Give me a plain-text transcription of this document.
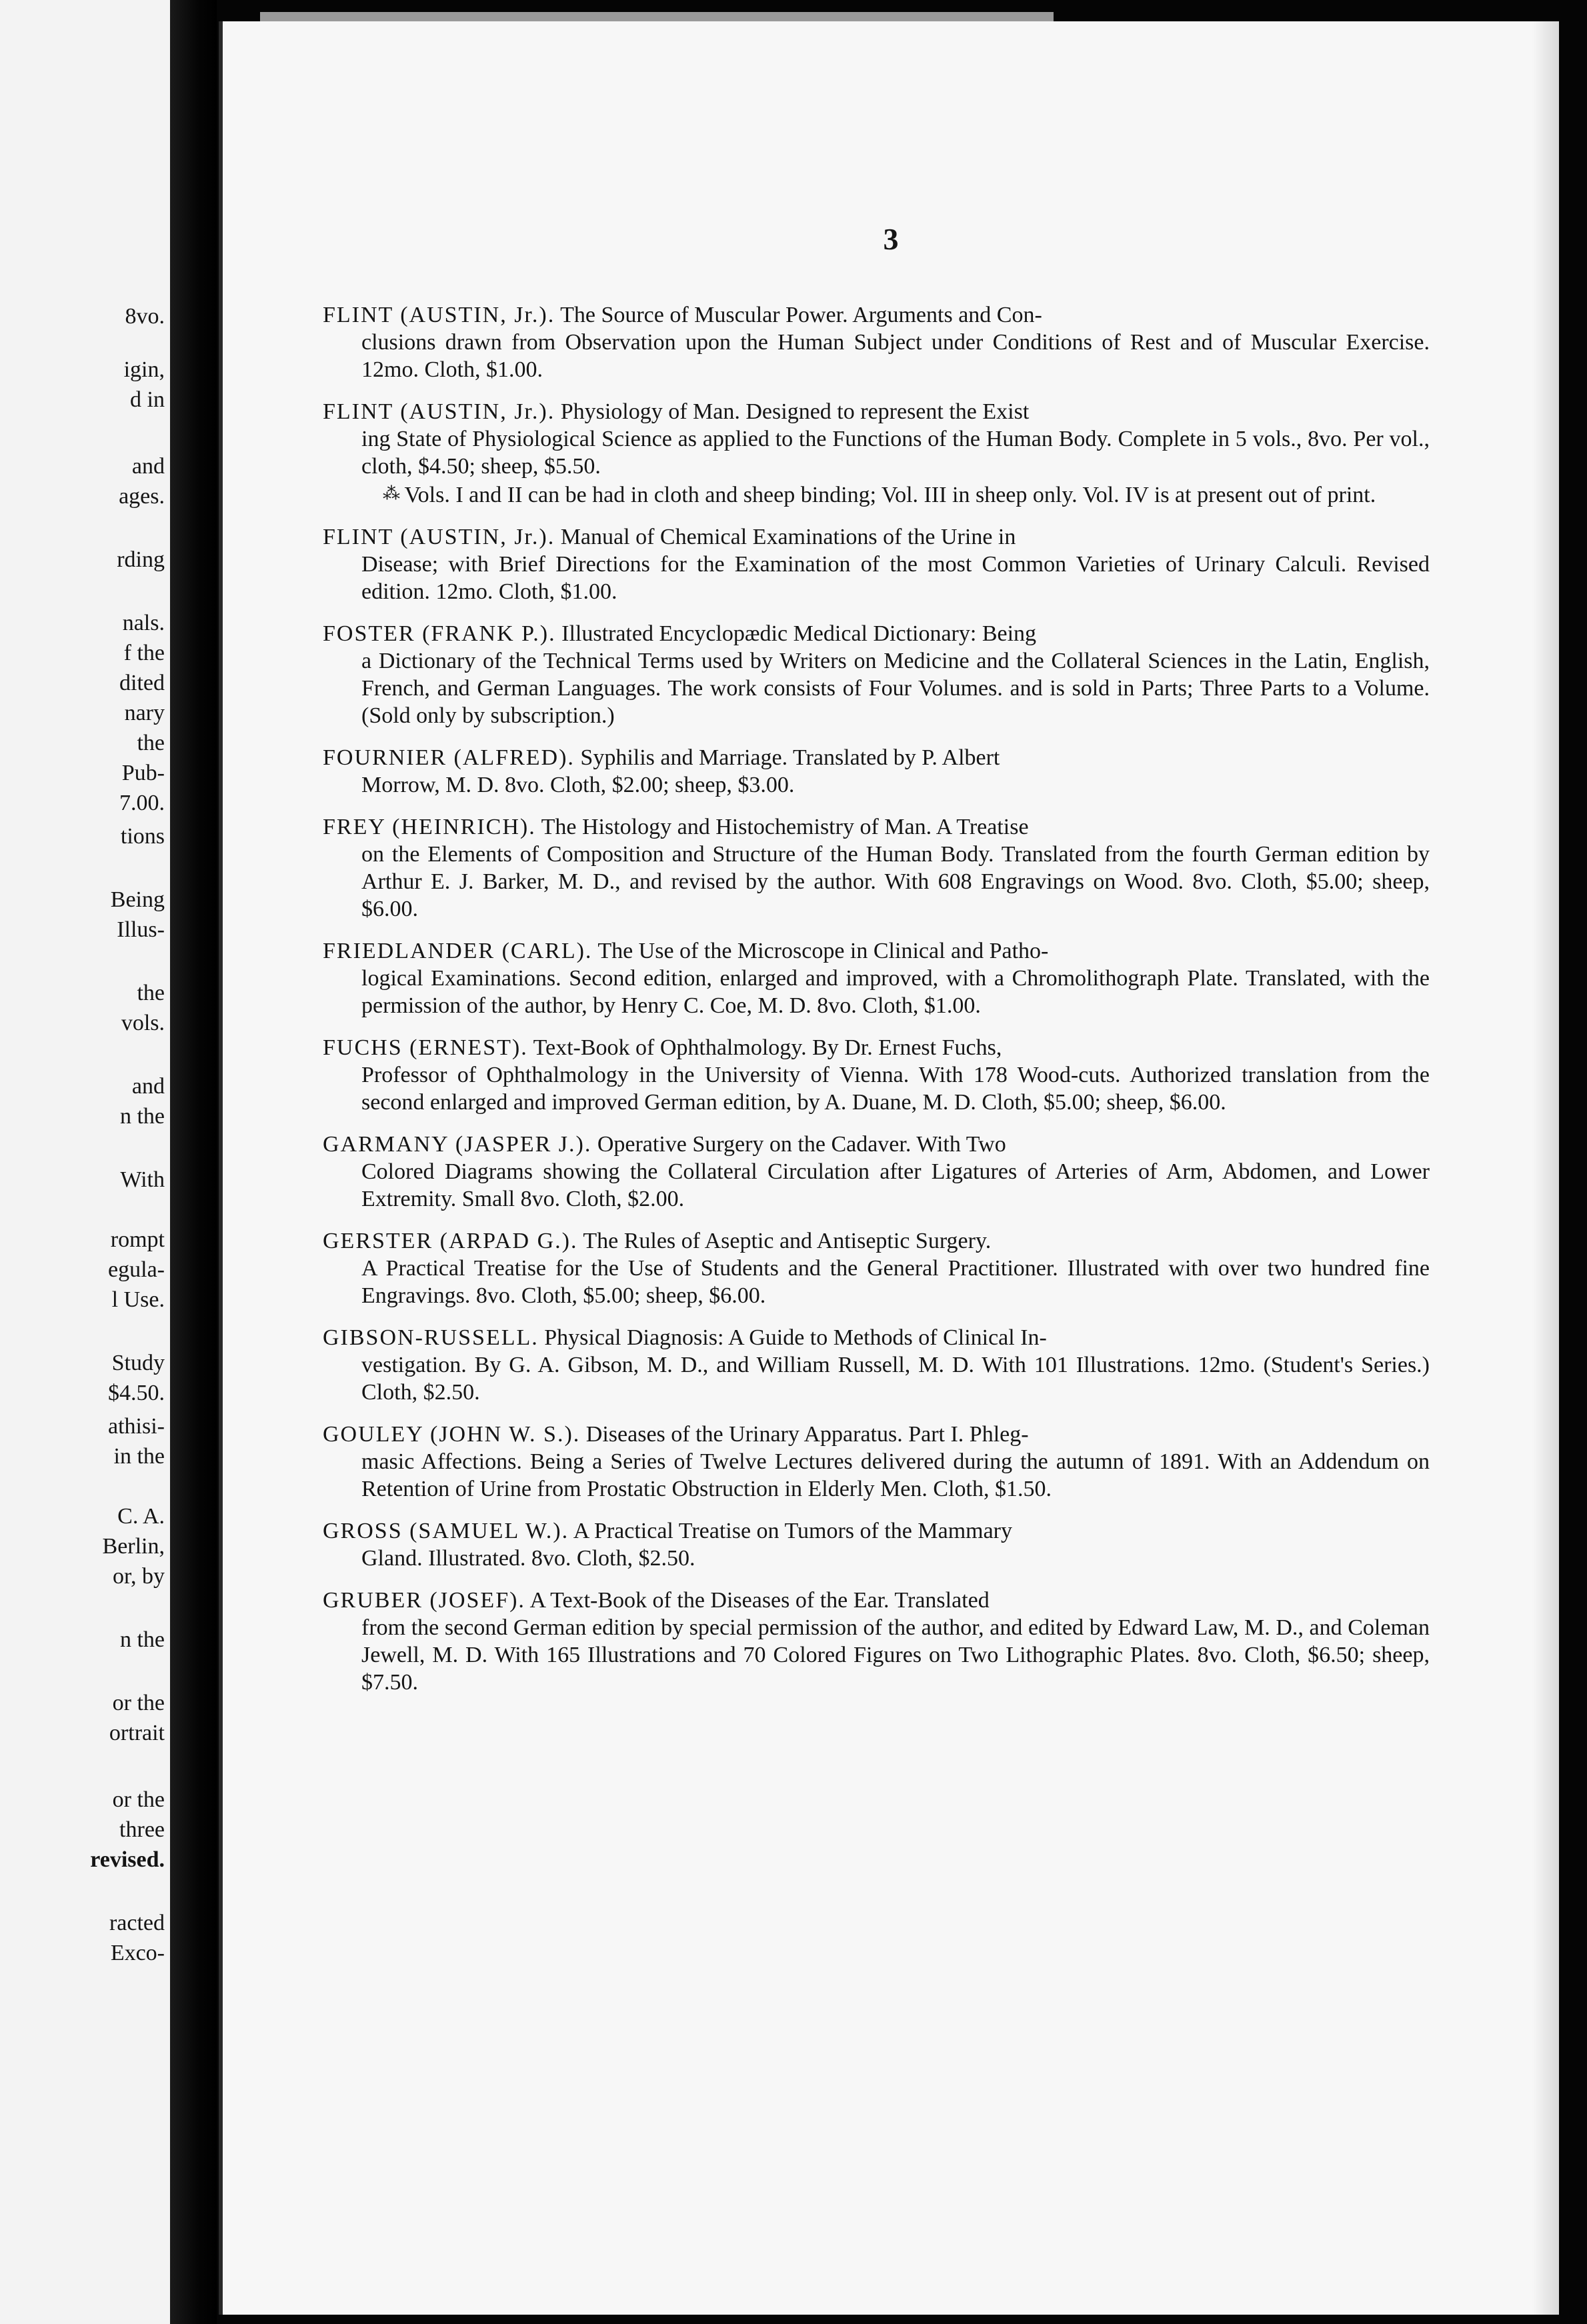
8vo.
igin,
d in
and
ages.
rding
nals.
f the
dited
nary
the
Pub-
7.00.
tions
Being
Illus-
the
vols.
and
n the
With
rompt
egula-
l Use.
Study
$4.50.
athisi-
in the
C. A.
Berlin,
or, by
n the
or the
ortrait
or the
three
revised.
racted
Exco-
3
FLINT (AUSTIN, Jr.). The Source of Muscular Power. Arguments and Con-
clusions drawn from Observation upon the Human Subject under Conditions of Rest and of Muscular Exercise. 12mo. Cloth, $1.00.
FLINT (AUSTIN, Jr.). Physiology of Man. Designed to represent the Exist
ing State of Physiological Science as applied to the Functions of the Human Body. Complete in 5 vols., 8vo. Per vol., cloth, $4.50; sheep, $5.50.
⁂ Vols. I and II can be had in cloth and sheep binding; Vol. III in sheep only. Vol. IV is at present out of print.
FLINT (AUSTIN, Jr.). Manual of Chemical Examinations of the Urine in
Disease; with Brief Directions for the Examination of the most Common Varieties of Urinary Calculi. Revised edition. 12mo. Cloth, $1.00.
FOSTER (FRANK P.). Illustrated Encyclopædic Medical Dictionary: Being
a Dictionary of the Technical Terms used by Writers on Medicine and the Collateral Sciences in the Latin, English, French, and German Languages. The work consists of Four Volumes. and is sold in Parts; Three Parts to a Volume. (Sold only by subscription.)
FOURNIER (ALFRED). Syphilis and Marriage. Translated by P. Albert
Morrow, M. D. 8vo. Cloth, $2.00; sheep, $3.00.
FREY (HEINRICH). The Histology and Histochemistry of Man. A Treatise
on the Elements of Composition and Structure of the Human Body. Translated from the fourth German edition by Arthur E. J. Barker, M. D., and revised by the author. With 608 Engravings on Wood. 8vo. Cloth, $5.00; sheep, $6.00.
FRIEDLANDER (CARL). The Use of the Microscope in Clinical and Patho-
logical Examinations. Second edition, enlarged and improved, with a Chromolithograph Plate. Translated, with the permission of the author, by Henry C. Coe, M. D. 8vo. Cloth, $1.00.
FUCHS (ERNEST). Text-Book of Ophthalmology. By Dr. Ernest Fuchs,
Professor of Ophthalmology in the University of Vienna. With 178 Wood-cuts. Authorized translation from the second enlarged and improved German edition, by A. Duane, M. D. Cloth, $5.00; sheep, $6.00.
GARMANY (JASPER J.). Operative Surgery on the Cadaver. With Two
Colored Diagrams showing the Collateral Circulation after Ligatures of Arteries of Arm, Abdomen, and Lower Extremity. Small 8vo. Cloth, $2.00.
GERSTER (ARPAD G.). The Rules of Aseptic and Antiseptic Surgery.
A Practical Treatise for the Use of Students and the General Practitioner. Illustrated with over two hundred fine Engravings. 8vo. Cloth, $5.00; sheep, $6.00.
GIBSON-RUSSELL. Physical Diagnosis: A Guide to Methods of Clinical In-
vestigation. By G. A. Gibson, M. D., and William Russell, M. D. With 101 Illustrations. 12mo. (Student's Series.) Cloth, $2.50.
GOULEY (JOHN W. S.). Diseases of the Urinary Apparatus. Part I. Phleg-
masic Affections. Being a Series of Twelve Lectures delivered during the autumn of 1891. With an Addendum on Retention of Urine from Prostatic Obstruction in Elderly Men. Cloth, $1.50.
GROSS (SAMUEL W.). A Practical Treatise on Tumors of the Mammary
Gland. Illustrated. 8vo. Cloth, $2.50.
GRUBER (JOSEF). A Text-Book of the Diseases of the Ear. Translated
from the second German edition by special permission of the author, and edited by Edward Law, M. D., and Coleman Jewell, M. D. With 165 Illustrations and 70 Colored Figures on Two Lithographic Plates. 8vo. Cloth, $6.50; sheep, $7.50.
